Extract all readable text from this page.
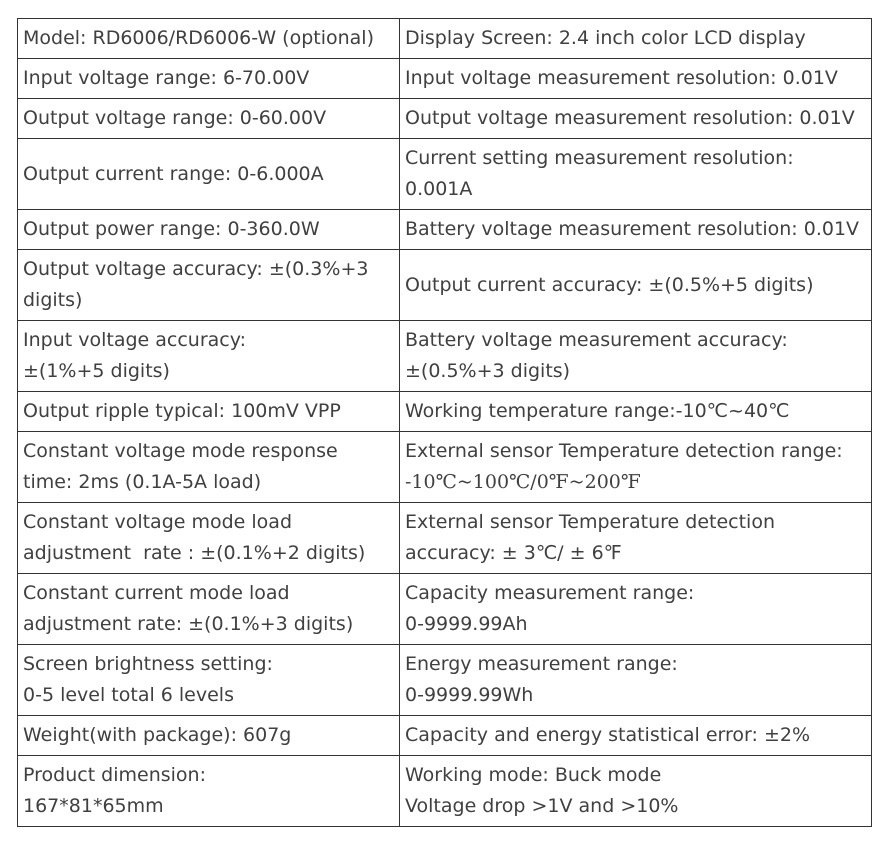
Model: RD6006/RD6006-W (optional)	Display Screen: 2.4 inch color LCD display

Input voltage range: 6-70.00V	Input voltage measurement resolution: 0.01V

Output voltage range: 0-60.00V	Output voltage measurement resolution: 0.01V

Output current range: 0-6.000A	Current setting measurement resolution:
0.001A

Output power range: 0-360.0W	Battery voltage measurement resolution: 0.01V

Output voltage accuracy: ±(0.3%+3
digits)	Output current accuracy: ±(0.5%+5 digits)

Input voltage accuracy:
±(1%+5 digits)	Battery voltage measurement accuracy:
±(0.5%+3 digits)

Output ripple typical: 100mV VPP	Working temperature range:-10℃~40℃

Constant voltage mode response
time: 2ms (0.1A-5A load)	External sensor Temperature detection range:
-10℃~100℃/0℉~200℉

Constant voltage mode load
adjustment  rate : ±(0.1%+2 digits)	External sensor Temperature detection
accuracy: ± 3℃/ ± 6℉

Constant current mode load
adjustment rate: ±(0.1%+3 digits)	Capacity measurement range:
0-9999.99Ah

Screen brightness setting:
0-5 level total 6 levels	Energy measurement range:
0-9999.99Wh

Weight(with package): 607g	Capacity and energy statistical error: ±2%

Product dimension:
167*81*65mm	Working mode: Buck mode
Voltage drop >1V and >10%
